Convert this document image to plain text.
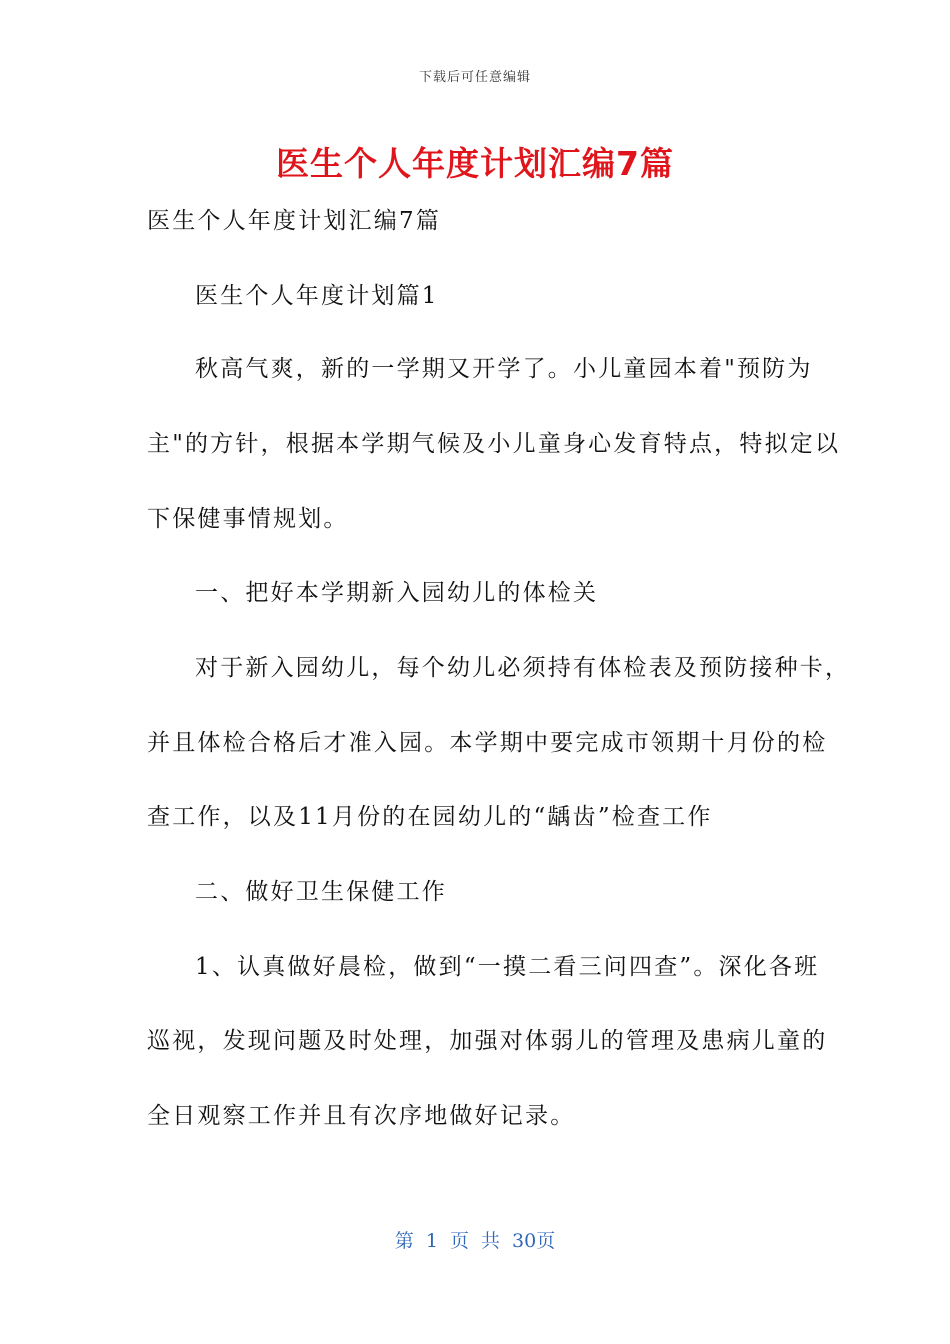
下载后可任意编辑
医生个人年度计划汇编7篇
医生个人年度计划汇编7篇
医生个人年度计划篇1
秋高气爽，新的一学期又开学了。小儿童园本着"预防为
主"的方针，根据本学期气候及小儿童身心发育特点，特拟定以
下保健事情规划。
一、把好本学期新入园幼儿的体检关
对于新入园幼儿，每个幼儿必须持有体检表及预防接种卡，
并且体检合格后才准入园。本学期中要完成市领期十月份的检
查工作，以及11月份的在园幼儿的“龋齿”检查工作
二、做好卫生保健工作
1、认真做好晨检，做到“一摸二看三问四查”。深化各班
巡视，发现问题及时处理，加强对体弱儿的管理及患病儿童的
全日观察工作并且有次序地做好记录。
第 1 页 共 30页
